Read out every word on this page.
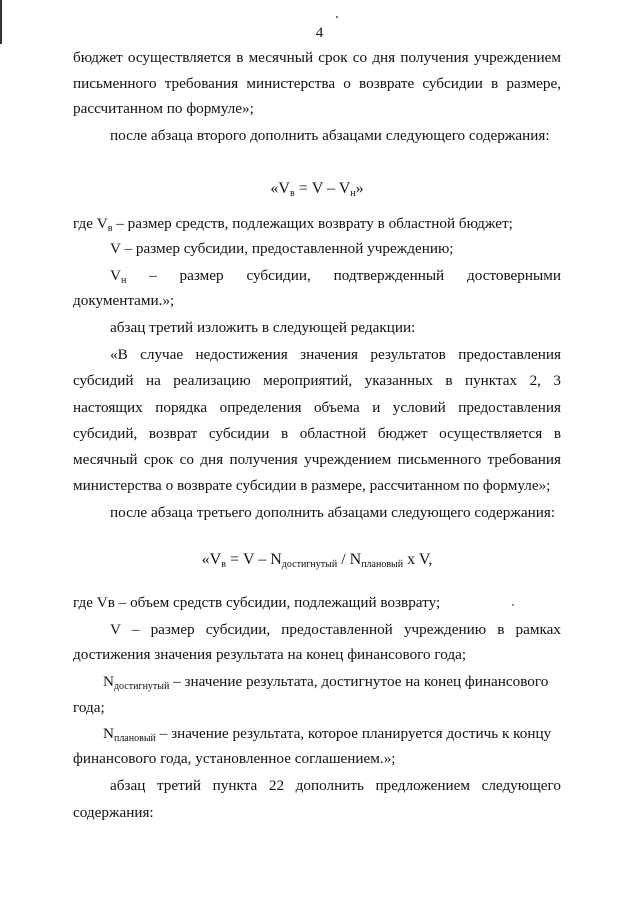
4
бюджет осуществляется в месячный срок со дня получения учреждением
письменного требования министерства о возврате субсидии в размере,
рассчитанном по формуле»;
после абзаца второго дополнить абзацами следующего содержания:
«$V_в = V - V_н$»
где $V_в$ – размер средств, подлежащих возврату в областной бюджет;
V – размер субсидии, предоставленной учреждению;
$V_н$ – размер субсидии, подтвержденный достоверными
документами.»;
абзац третий изложить в следующей редакции:
«В случае недостижения значения результатов предоставления
субсидий на реализацию мероприятий, указанных в пунктах 2, 3
настоящих порядка определения объема и условий предоставления
субсидий, возврат субсидии в областной бюджет осуществляется в
месячный срок со дня получения учреждением письменного требования
министерства о возврате субсидии в размере, рассчитанном по формуле»;
после абзаца третьего дополнить абзацами следующего содержания:
«$V_в = V - N_{достигнутый} / N_{плановый}$ x V,
где Vв – объем средств субсидии, подлежащий возврату;
V – размер субсидии, предоставленной учреждению в рамках
достижения значения результата на конец финансового года;
$N_{достигнутый}$ – значение результата, достигнутое на конец финансового
года;
$N_{плановый}$ – значение результата, которое планируется достичь к концу
финансового года, установленное соглашением.»;
абзац третий пункта 22 дополнить предложением следующего
содержания:
